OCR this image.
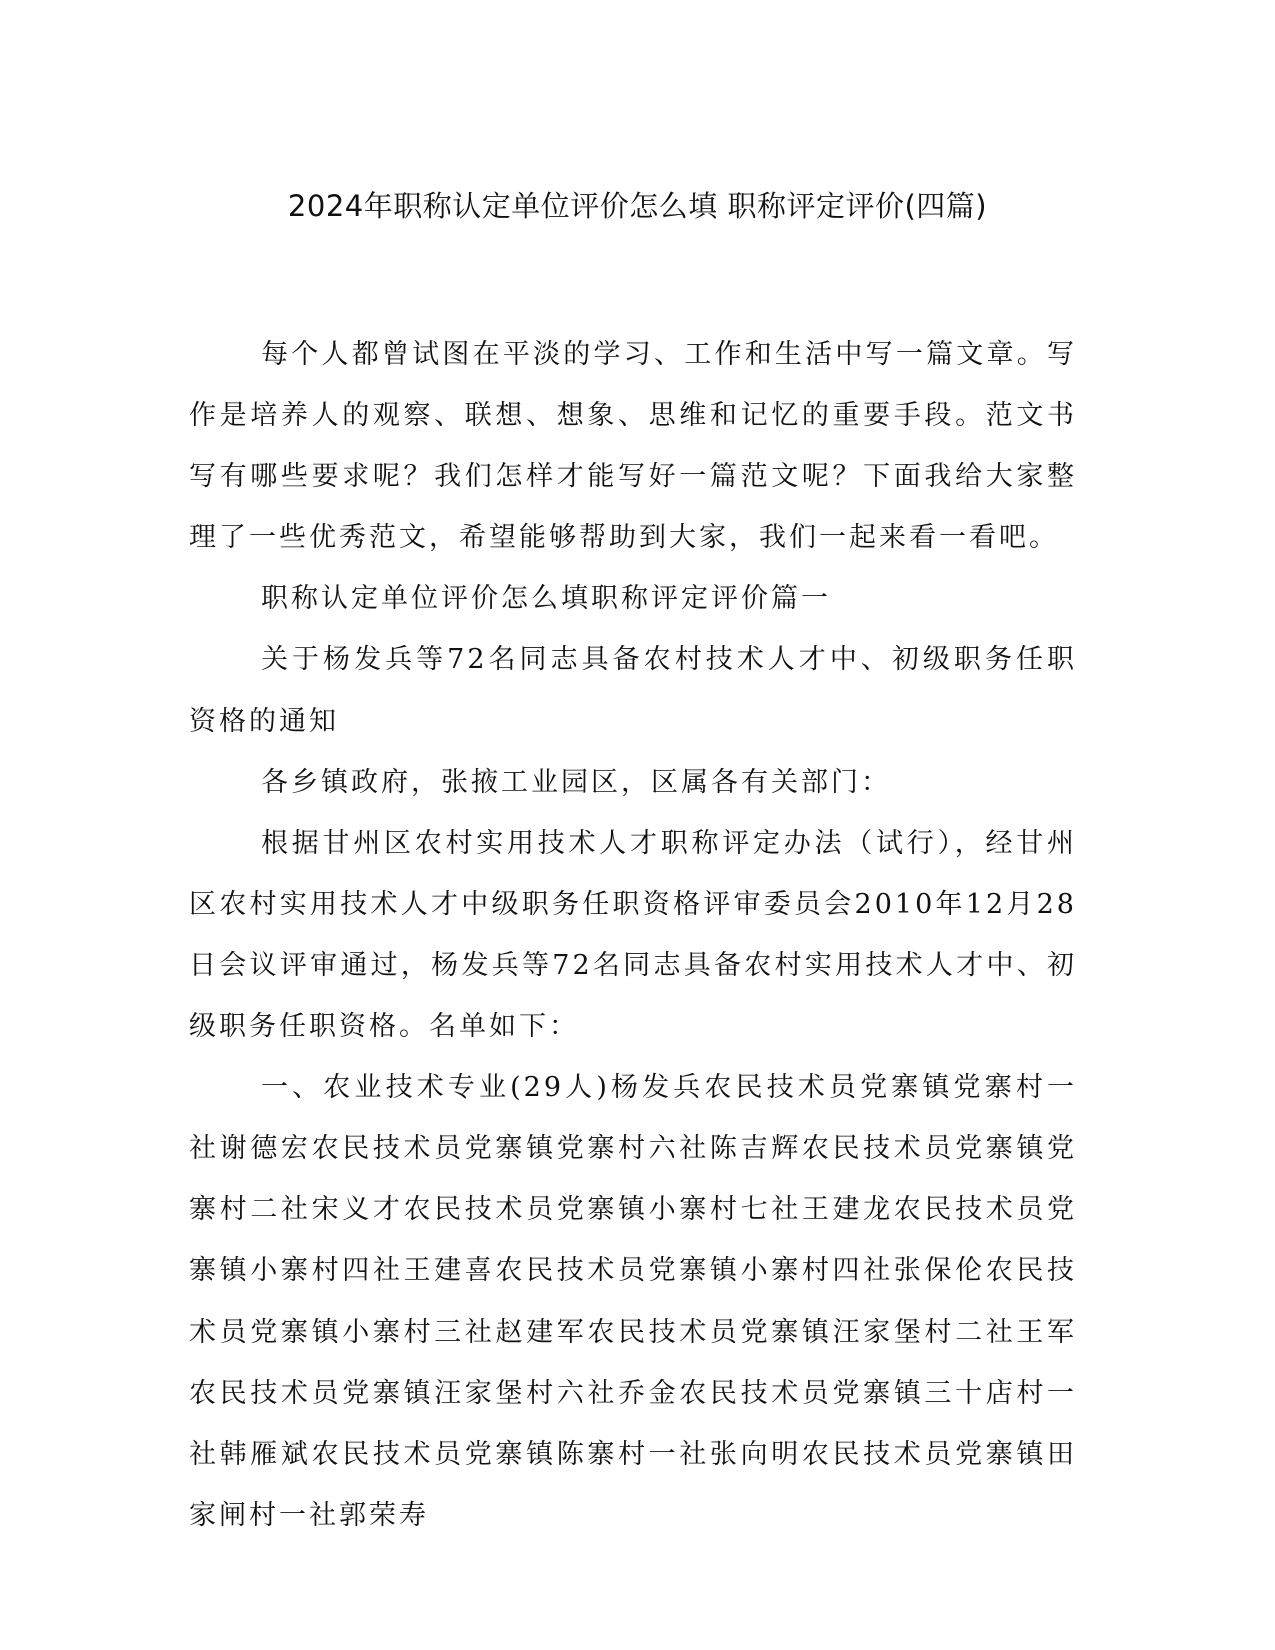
2024年职称认定单位评价怎么填 职称评定评价(四篇)

每个人都曾试图在平淡的学习、工作和生活中写一篇文章。写作是培养人的观察、联想、想象、思维和记忆的重要手段。范文书写有哪些要求呢？我们怎样才能写好一篇范文呢？下面我给大家整理了一些优秀范文，希望能够帮助到大家，我们一起来看一看吧。

职称认定单位评价怎么填职称评定评价篇一

关于杨发兵等72名同志具备农村技术人才中、初级职务任职资格的通知

各乡镇政府，张掖工业园区，区属各有关部门：

根据甘州区农村实用技术人才职称评定办法（试行），经甘州区农村实用技术人才中级职务任职资格评审委员会2010年12月28日会议评审通过，杨发兵等72名同志具备农村实用技术人才中、初级职务任职资格。名单如下：

一、农业技术专业(29人)杨发兵农民技术员党寨镇党寨村一社谢德宏农民技术员党寨镇党寨村六社陈吉辉农民技术员党寨镇党寨村二社宋义才农民技术员党寨镇小寨村七社王建龙农民技术员党寨镇小寨村四社王建喜农民技术员党寨镇小寨村四社张保伦农民技术员党寨镇小寨村三社赵建军农民技术员党寨镇汪家堡村二社王军农民技术员党寨镇汪家堡村六社乔金农民技术员党寨镇三十店村一社韩雁斌农民技术员党寨镇陈寨村一社张向明农民技术员党寨镇田家闸村一社郭荣寿
